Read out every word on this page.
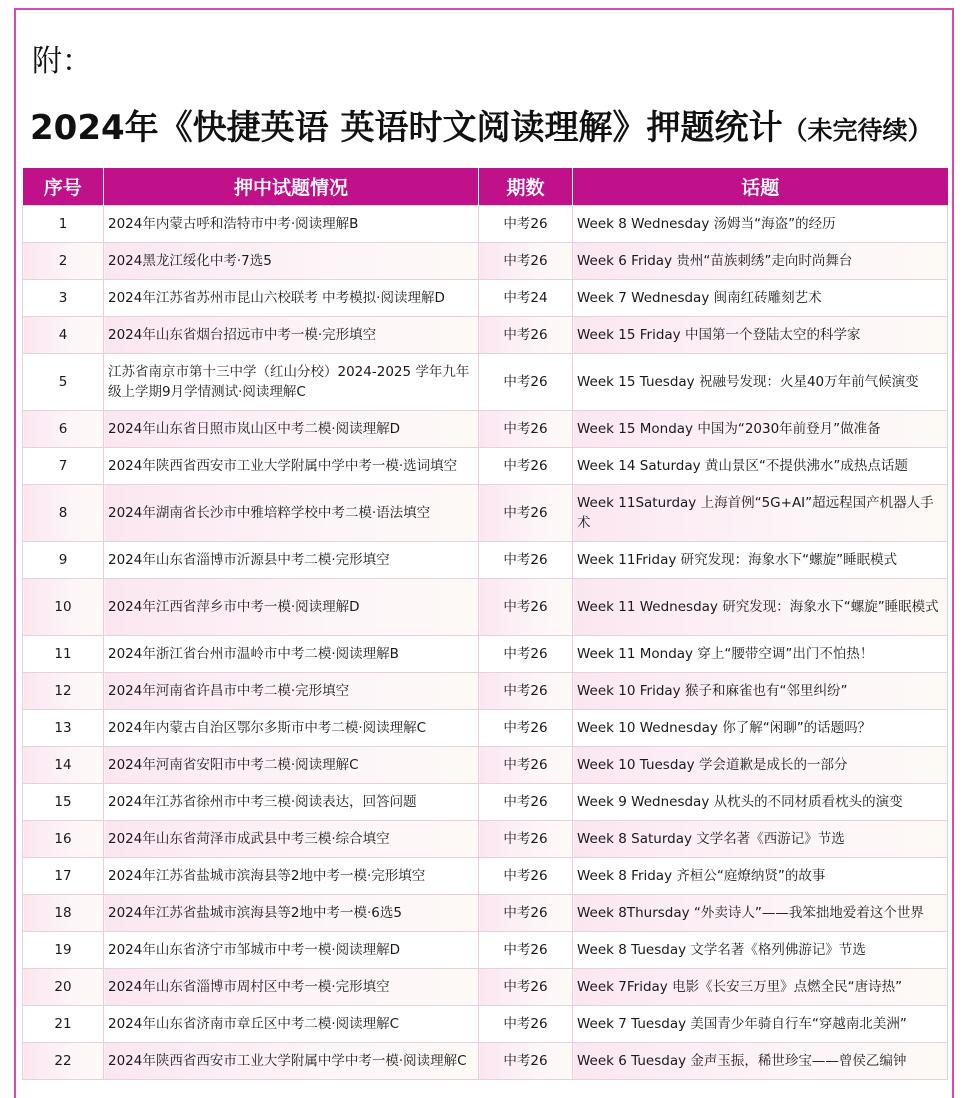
附：
2024年《快捷英语 英语时文阅读理解》押题统计（未完待续）
序号	押中试题情况	期数	话题
1	2024年内蒙古呼和浩特市中考·阅读理解B	中考26	Week 8 Wednesday 汤姆当“海盗”的经历
2	2024黑龙江绥化中考·7选5	中考26	Week 6 Friday 贵州“苗族刺绣”走向时尚舞台
3	2024年江苏省苏州市昆山六校联考 中考模拟·阅读理解D	中考24	Week 7 Wednesday 闽南红砖雕刻艺术
4	2024年山东省烟台招远市中考一模·完形填空	中考26	Week 15 Friday 中国第一个登陆太空的科学家
5	江苏省南京市第十三中学（红山分校）2024-2025 学年九年级上学期9月学情测试·阅读理解C	中考26	Week 15 Tuesday 祝融号发现：火星40万年前气候演变
6	2024年山东省日照市岚山区中考二模·阅读理解D	中考26	Week 15 Monday 中国为“2030年前登月”做准备
7	2024年陕西省西安市工业大学附属中学中考一模·选词填空	中考26	Week 14 Saturday 黄山景区“不提供沸水”成热点话题
8	2024年湖南省长沙市中雅培粹学校中考二模·语法填空	中考26	Week 11Saturday 上海首例“5G+AI”超远程国产机器人手术
9	2024年山东省淄博市沂源县中考二模·完形填空	中考26	Week 11Friday 研究发现：海象水下“螺旋”睡眠模式
10	2024年江西省萍乡市中考一模·阅读理解D	中考26	Week 11 Wednesday 研究发现：海象水下“螺旋”睡眠模式
11	2024年浙江省台州市温岭市中考二模·阅读理解B	中考26	Week 11 Monday 穿上“腰带空调”出门不怕热！
12	2024年河南省许昌市中考二模·完形填空	中考26	Week 10 Friday 猴子和麻雀也有“邻里纠纷”
13	2024年内蒙古自治区鄂尔多斯市中考二模·阅读理解C	中考26	Week 10 Wednesday 你了解“闲聊”的话题吗？
14	2024年河南省安阳市中考二模·阅读理解C	中考26	Week 10 Tuesday 学会道歉是成长的一部分
15	2024年江苏省徐州市中考三模·阅读表达，回答问题	中考26	Week 9 Wednesday 从枕头的不同材质看枕头的演变
16	2024年山东省菏泽市成武县中考三模·综合填空	中考26	Week 8 Saturday 文学名著《西游记》节选
17	2024年江苏省盐城市滨海县等2地中考一模·完形填空	中考26	Week 8 Friday 齐桓公“庭燎纳贤”的故事
18	2024年江苏省盐城市滨海县等2地中考一模·6选5	中考26	Week 8Thursday “外卖诗人”——我笨拙地爱着这个世界
19	2024年山东省济宁市邹城市中考一模·阅读理解D	中考26	Week 8 Tuesday 文学名著《格列佛游记》节选
20	2024年山东省淄博市周村区中考一模·完形填空	中考26	Week 7Friday 电影《长安三万里》点燃全民“唐诗热”
21	2024年山东省济南市章丘区中考二模·阅读理解C	中考26	Week 7 Tuesday 美国青少年骑自行车“穿越南北美洲”
22	2024年陕西省西安市工业大学附属中学中考一模·阅读理解C	中考26	Week 6 Tuesday 金声玉振，稀世珍宝——曾侯乙编钟
